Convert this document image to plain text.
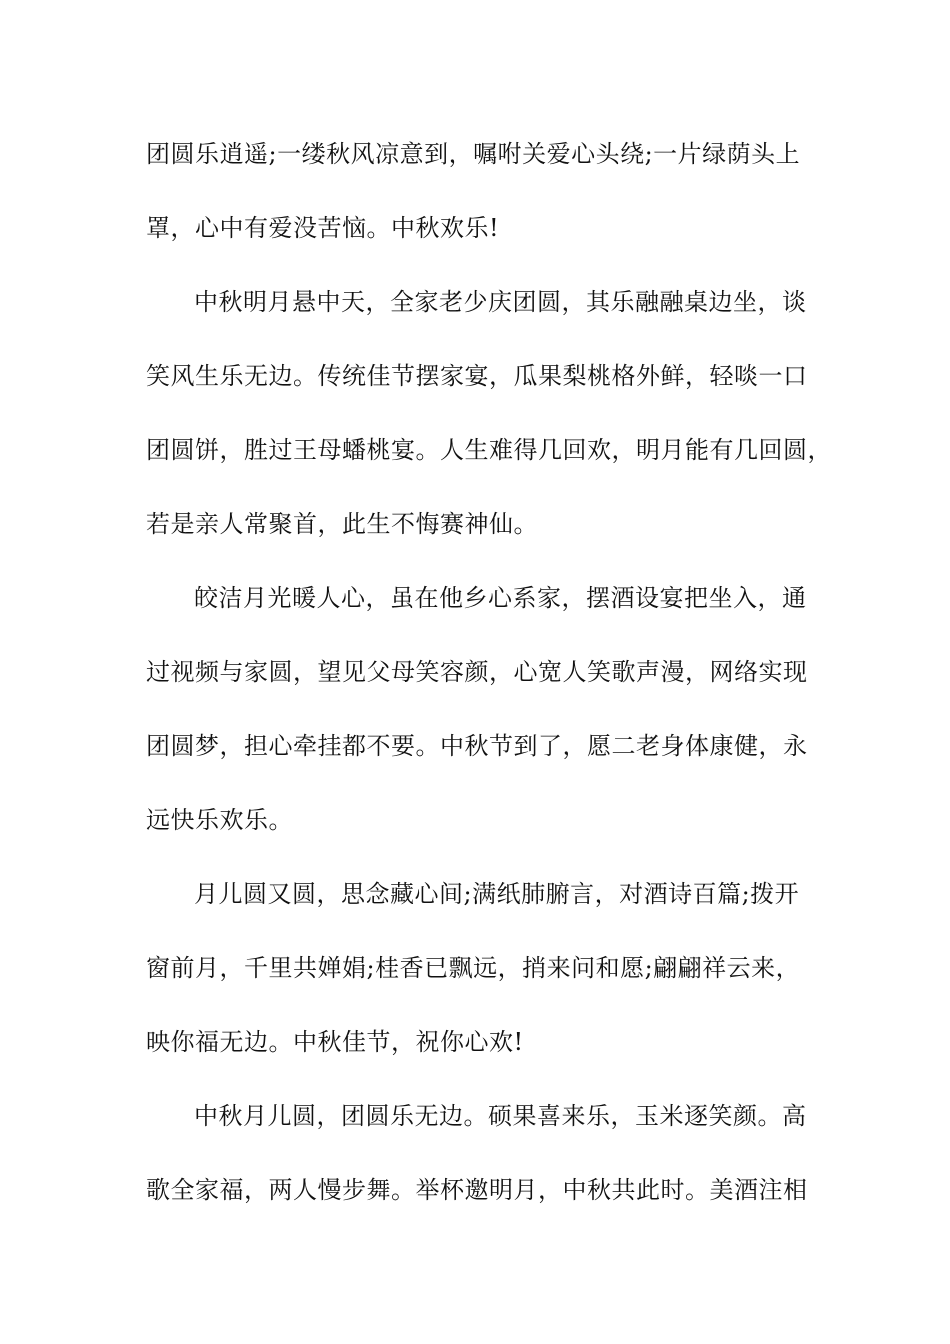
团圆乐逍遥;一缕秋风凉意到，嘱咐关爱心头绕;一片绿荫头上
罩，心中有爱没苦恼。中秋欢乐!
中秋明月悬中天，全家老少庆团圆，其乐融融桌边坐，谈
笑风生乐无边。传统佳节摆家宴，瓜果梨桃格外鲜，轻啖一口
团圆饼，胜过王母蟠桃宴。人生难得几回欢，明月能有几回圆，
若是亲人常聚首，此生不悔赛神仙。
皎洁月光暖人心，虽在他乡心系家，摆酒设宴把坐入，通
过视频与家圆，望见父母笑容颜，心宽人笑歌声漫，网络实现
团圆梦，担心牵挂都不要。中秋节到了，愿二老身体康健，永
远快乐欢乐。
月儿圆又圆，思念藏心间;满纸肺腑言，对酒诗百篇;拨开
窗前月，千里共婵娟;桂香已飘远，捎来问和愿;翩翩祥云来，
映你福无边。中秋佳节，祝你心欢!
中秋月儿圆，团圆乐无边。硕果喜来乐，玉米逐笑颜。高
歌全家福，两人慢步舞。举杯邀明月，中秋共此时。美酒注相
